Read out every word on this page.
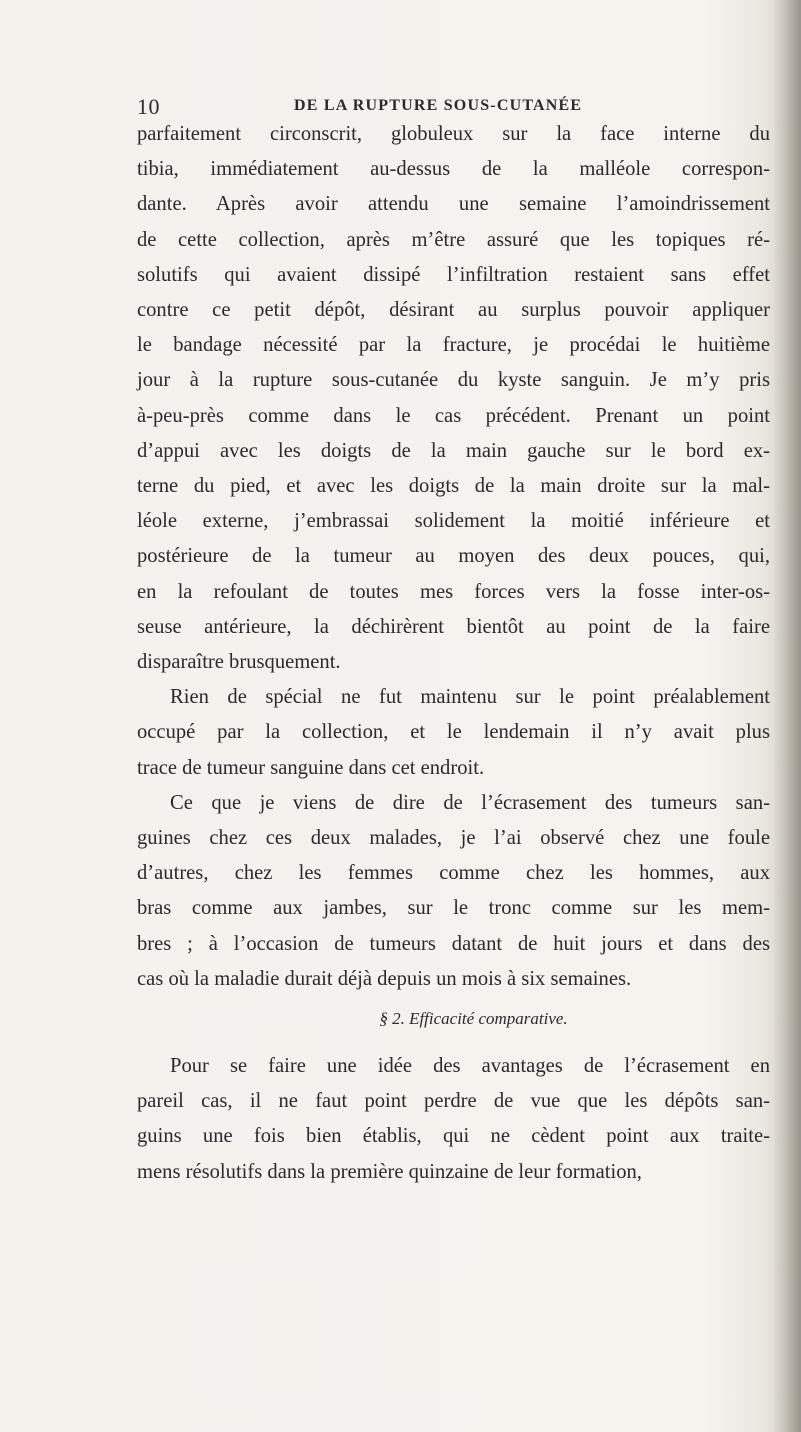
10	DE LA RUPTURE SOUS-CUTANÉE
parfaitement circonscrit, globuleux sur la face interne du
tibia, immédiatement au-dessus de la malléole correspon-
dante. Après avoir attendu une semaine l’amoindrissement
de cette collection, après m’être assuré que les topiques ré-
solutifs qui avaient dissipé l’infiltration restaient sans effet
contre ce petit dépôt, désirant au surplus pouvoir appliquer
le bandage nécessité par la fracture, je procédai le huitième
jour à la rupture sous-cutanée du kyste sanguin. Je m’y pris
à-peu-près comme dans le cas précédent. Prenant un point
d’appui avec les doigts de la main gauche sur le bord ex-
terne du pied, et avec les doigts de la main droite sur la mal-
léole externe, j’embrassai solidement la moitié inférieure et
postérieure de la tumeur au moyen des deux pouces, qui,
en la refoulant de toutes mes forces vers la fosse inter-os-
seuse antérieure, la déchirèrent bientôt au point de la faire
disparaître brusquement.
Rien de spécial ne fut maintenu sur le point préalablement
occupé par la collection, et le lendemain il n’y avait plus
trace de tumeur sanguine dans cet endroit.
Ce que je viens de dire de l’écrasement des tumeurs san-
guines chez ces deux malades, je l’ai observé chez une foule
d’autres, chez les femmes comme chez les hommes, aux
bras comme aux jambes, sur le tronc comme sur les mem-
bres ; à l’occasion de tumeurs datant de huit jours et dans des
cas où la maladie durait déjà depuis un mois à six semaines.
§ 2. Efficacité comparative.
Pour se faire une idée des avantages de l’écrasement en
pareil cas, il ne faut point perdre de vue que les dépôts san-
guins une fois bien établis, qui ne cèdent point aux traite-
mens résolutifs dans la première quinzaine de leur formation,
